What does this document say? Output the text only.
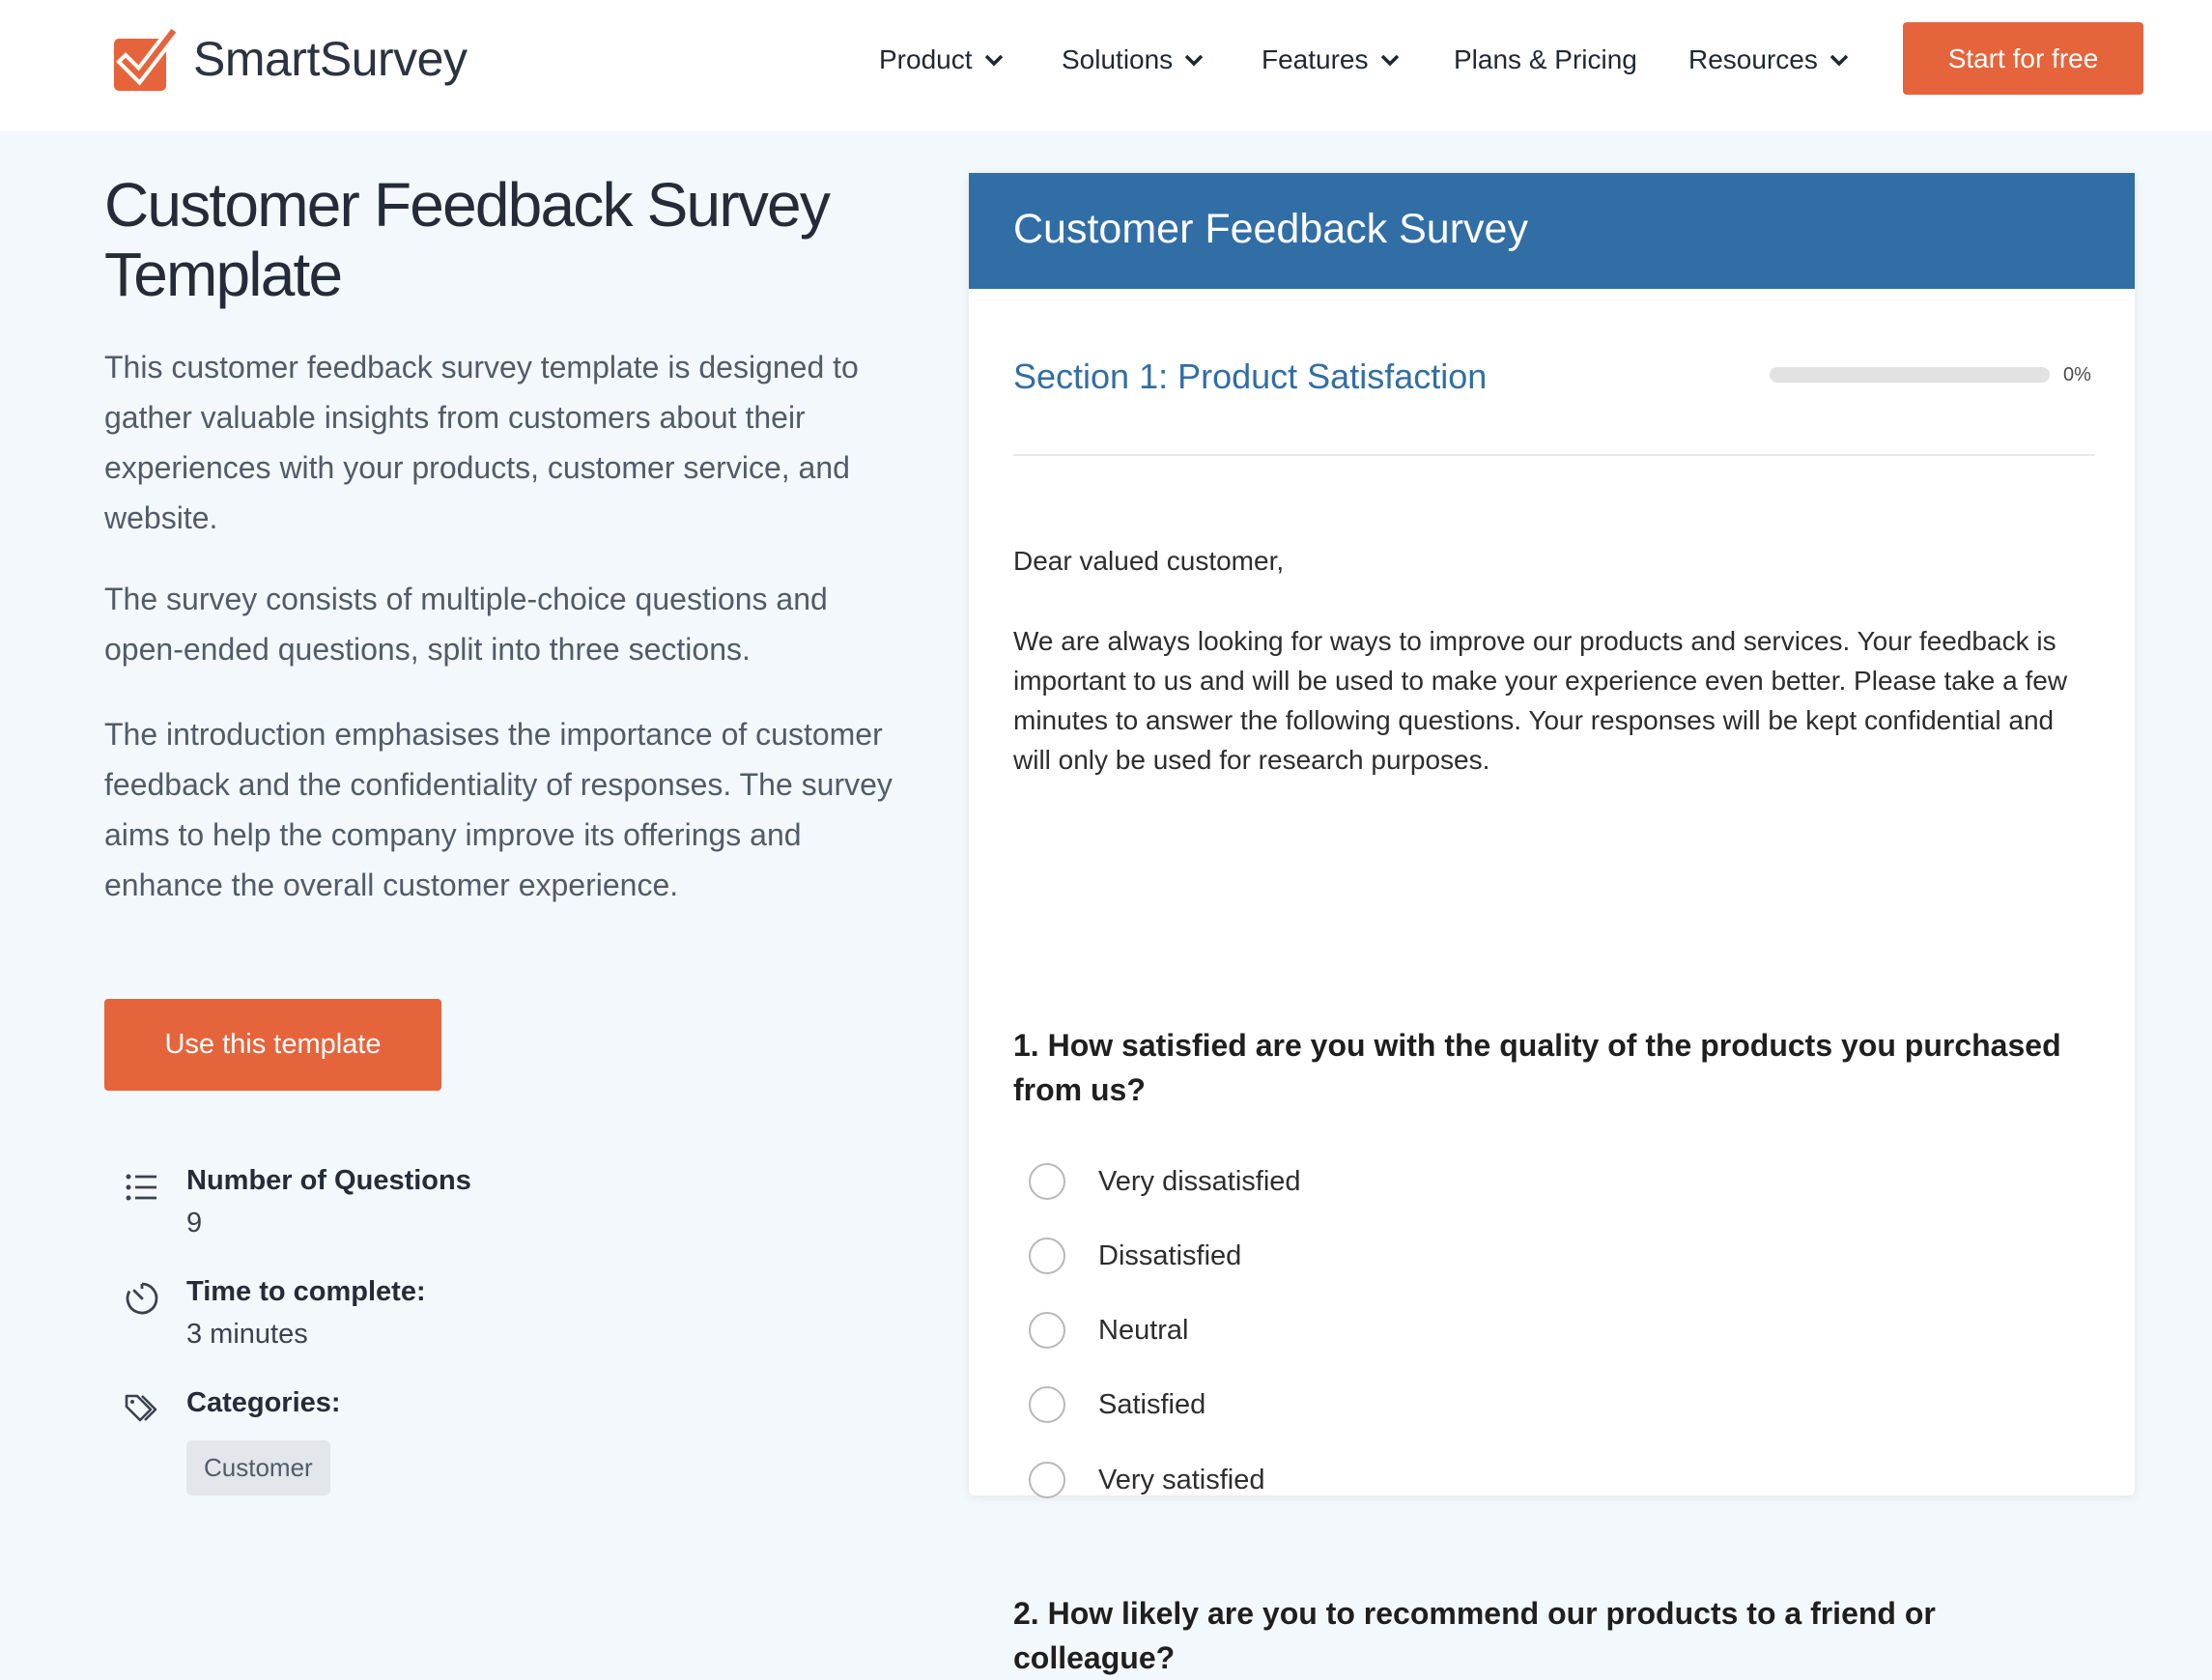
SmartSurvey	Product	Solutions	Features	Plans & Pricing Resources	Start for free
Customer Feedback Survey Template

This customer feedback survey template is designed to gather valuable insights from customers about their experiences with your products, customer service, and website.

The survey consists of multiple-choice questions and open-ended questions, split into three sections.

The introduction emphasises the importance of customer feedback and the confidentiality of responses. The survey aims to help the company improve its offerings and enhance the overall customer experience.

Use this template
Number of Questions
9
Time to complete:
3 minutes
Categories:
Customer
Customer Feedback Survey
Section 1: Product Satisfaction	0%

Dear valued customer,

We are always looking for ways to improve our products and services. Your feedback is important to us and will be used to make your experience even better. Please take a few minutes to answer the following questions. Your responses will be kept confidential and will only be used for research purposes.

1. How satisfied are you with the quality of the products you purchased from us?
Very dissatisfied
Dissatisfied
Neutral
Satisfied
Very satisfied
2. How likely are you to recommend our products to a friend or colleague?
